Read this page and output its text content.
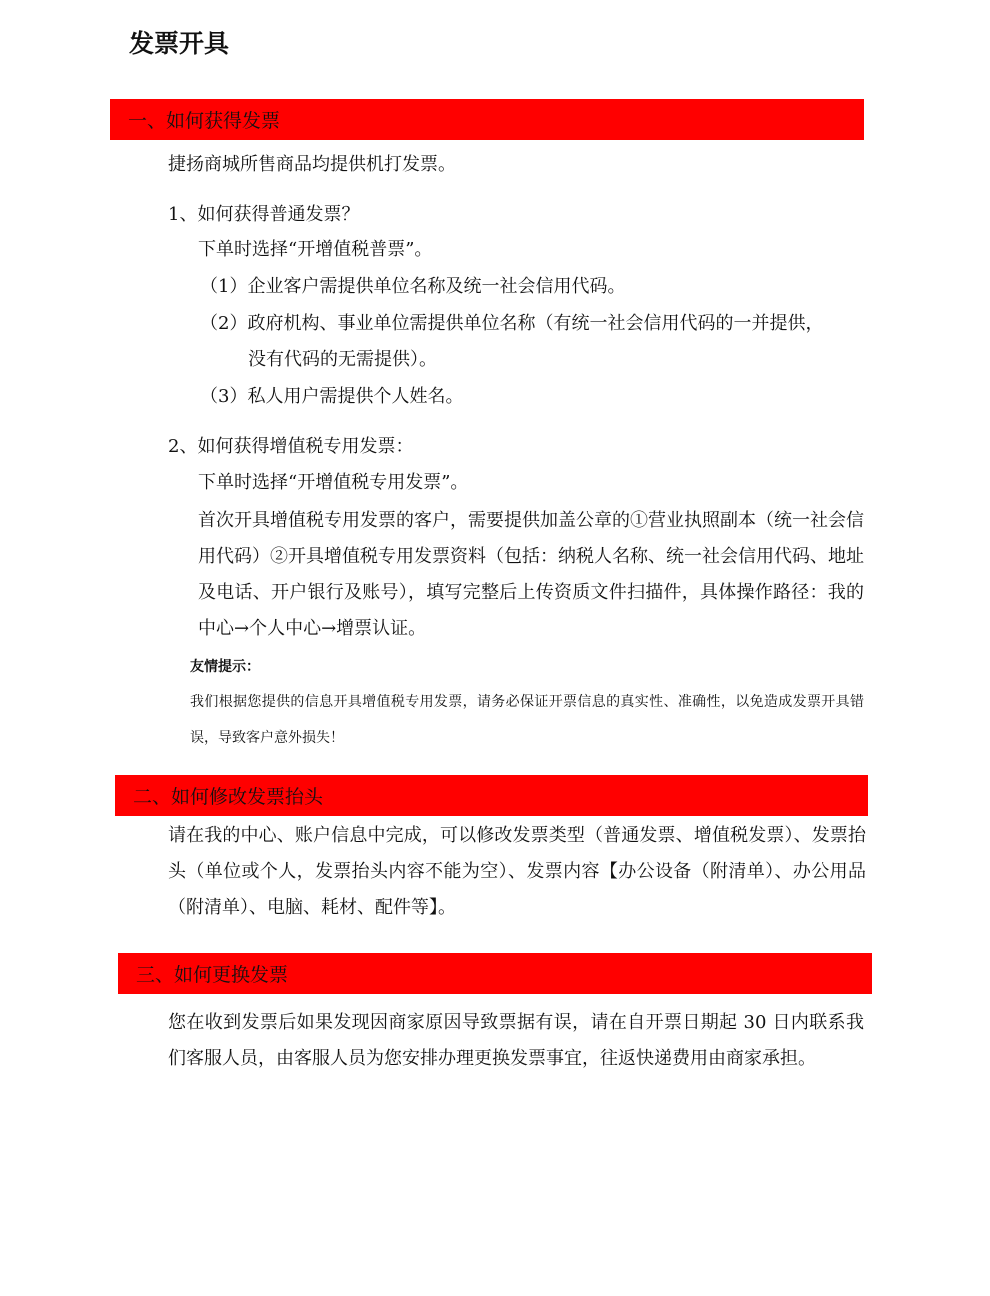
发票开具
一、如何获得发票

捷扬商城所售商品均提供机打发票。

1、如何获得普通发票？

下单时选择“开增值税普票”。

（1）企业客户需提供单位名称及统一社会信用代码。

（2）政府机构、事业单位需提供单位名称（有统一社会信用代码的一并提供，

没有代码的无需提供）。

（3）私人用户需提供个人姓名。

2、如何获得增值税专用发票：

下单时选择“开增值税专用发票”。

首次开具增值税专用发票的客户，需要提供加盖公章的①营业执照副本（统一社会信用代码）②开具增值税专用发票资料（包括：纳税人名称、统一社会信用代码、地址及电话、开户银行及账号），填写完整后上传资质文件扫描件，具体操作路径：我的中心→个人中心→增票认证。

友情提示：

我们根据您提供的信息开具增值税专用发票，请务必保证开票信息的真实性、准确性，以免造成发票开具错误，导致客户意外损失！

二、如何修改发票抬头

请在我的中心、账户信息中完成，可以修改发票类型（普通发票、增值税发票）、发票抬头（单位或个人，发票抬头内容不能为空）、发票内容【办公设备（附清单）、办公用品（附清单）、电脑、耗材、配件等】。

三、如何更换发票

您在收到发票后如果发现因商家原因导致票据有误，请在自开票日期起 30 日内联系我们客服人员，由客服人员为您安排办理更换发票事宜，往返快递费用由商家承担。
